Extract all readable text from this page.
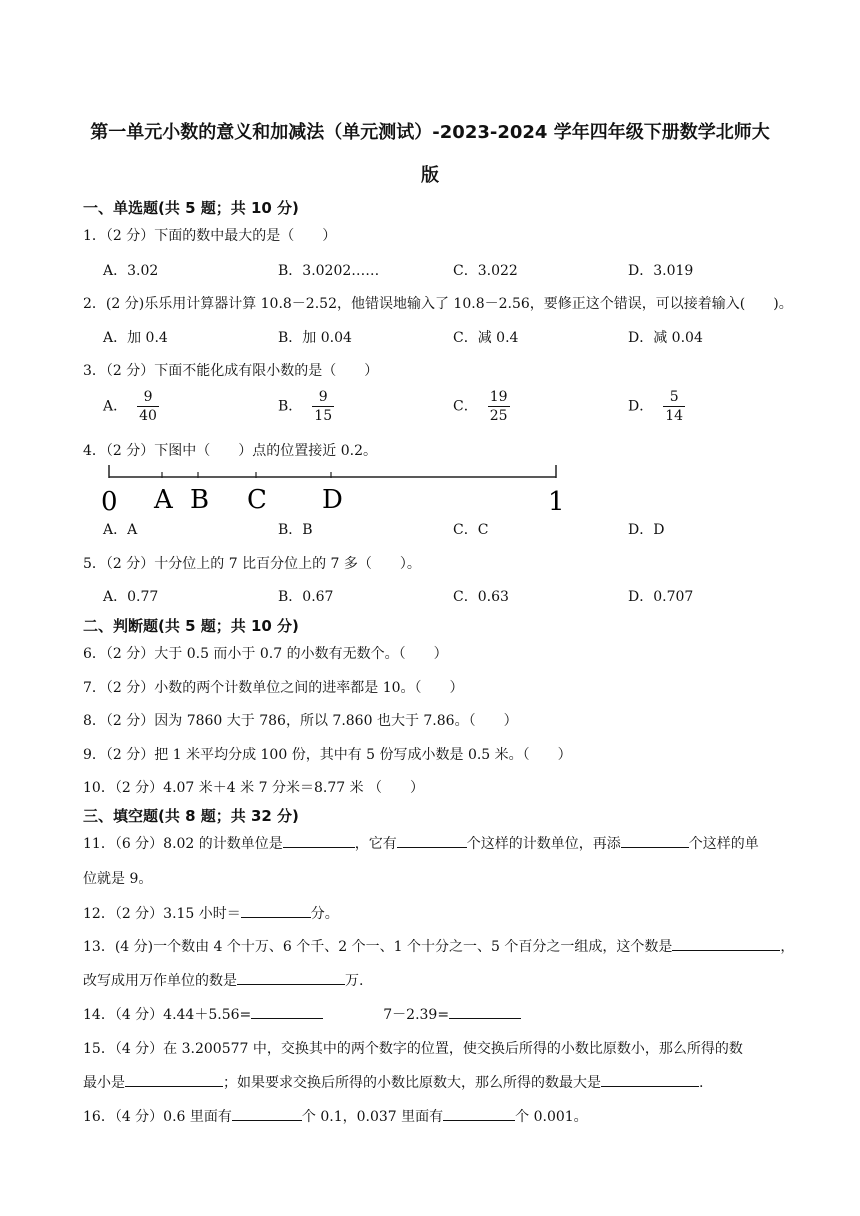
第一单元小数的意义和加减法（单元测试）-2023-2024 学年四年级下册数学北师大
版
一、单选题(共 5 题；共 10 分)
1．（2 分）下面的数中最大的是（　　）
A．3.02	B．3.0202……	C．3.022	D．3.019
2．(2 分)乐乐用计算器计算 10.8－2.52，他错误地输入了 10.8－2.56，要修正这个错误，可以接着输入(　　)。
A．加 0.4	B．加 0.04	C．减 0.4	D．减 0.04
3．（2 分）下面不能化成有限小数的是（　　）
A． $\frac{9}{40}$	B． $\frac{9}{15}$	C． $\frac{19}{25}$	D． $\frac{5}{14}$
4．（2 分）下图中（　　）点的位置接近 0.2。
0 A B C D	1
A．A	B．B	C．C	D．D
5．（2 分）十分位上的 7 比百分位上的 7 多（　　）。
A．0.77	B．0.67	C．0.63	D．0.707
二、判断题(共 5 题；共 10 分)
6．（2 分）大于 0.5 而小于 0.7 的小数有无数个。（　　）
7．（2 分）小数的两个计数单位之间的进率都是 10。（　　）
8．（2 分）因为 7860 大于 786，所以 7.860 也大于 7.86。（　　）
9．（2 分）把 1 米平均分成 100 份，其中有 5 份写成小数是 0.5 米。（　　）
10．（2 分）4.07 米＋4 米 7 分米＝8.77 米 （　　）
三、填空题(共 8 题；共 32 分)
11．（6 分）8.02 的计数单位是	，它有	个这样的计数单位，再添	个这样的单
位就是 9。
12．（2 分）3.15 小时＝	分。
13．(4 分)一个数由 4 个十万、6 个千、2 个一、1 个十分之一、5 个百分之一组成，这个数是	，
改写成用万作单位的数是	万.
14．（4 分）4.44＋5.56=	7－2.39=
15．（4 分）在 3.200577 中，交换其中的两个数字的位置，使交换后所得的小数比原数小，那么所得的数
最小是	；如果要求交换后所得的小数比原数大，那么所得的数最大是	.
16．（4 分）0.6 里面有	个 0.1，0.037 里面有	个 0.001。
